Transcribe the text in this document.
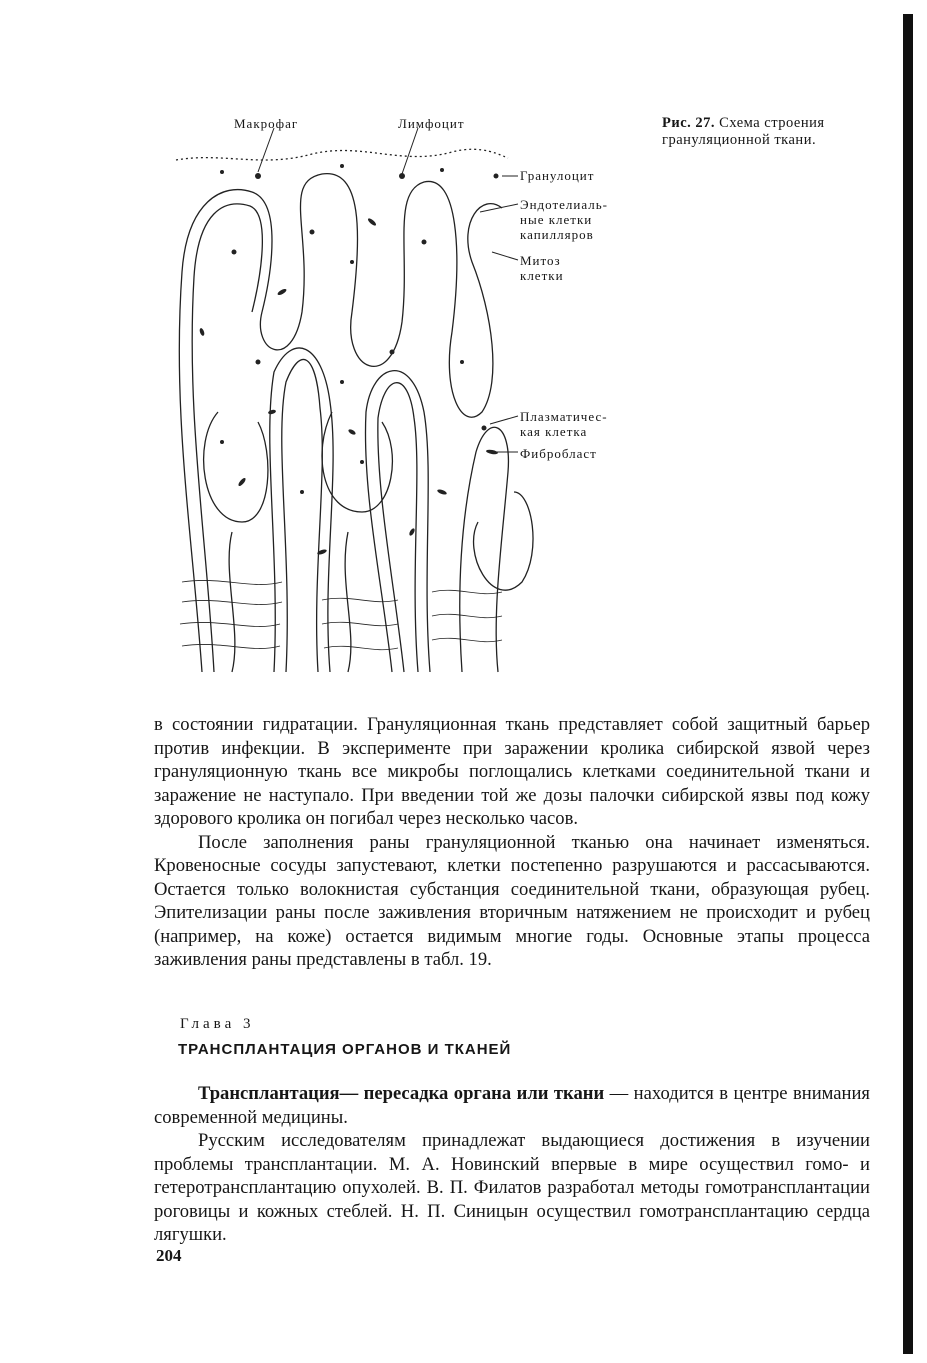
Макрофаг	Лимфоцит
Гранулоцит
Эндотелиаль-
ные клетки
капилляров
Митоз
клетки
Плазматичес-
кая клетка
Фибробласт
Рис. 27. Схема строения грануляционной ткани.

в состоянии гидратации. Грануляционная ткань представляет собой защитный барьер против инфекции. В эксперименте при заражении кролика сибирской язвой через грануляционную ткань все микробы поглощались клетками соединительной ткани и заражение не наступало. При введении той же дозы палочки сибирской язвы под кожу здорового кролика он погибал через несколько часов.

После заполнения раны грануляционной тканью она начинает изменяться. Кровеносные сосуды запустевают, клетки постепенно разрушаются и рассасываются. Остается только волокнистая субстанция соединительной ткани, образующая рубец. Эпителизации раны после заживления вторичным натяжением не происходит и рубец (например, на коже) остается видимым многие годы. Основные этапы процесса заживления раны представлены в табл. 19.

Глава 3
ТРАНСПЛАНТАЦИЯ ОРГАНОВ И ТКАНЕЙ

Трансплантация— пересадка органа или ткани — находится в центре внимания современной медицины.

Русским исследователям принадлежат выдающиеся достижения в изучении проблемы трансплантации. М. А. Новинский впервые в мире осуществил гомо- и гетеротрансплантацию опухолей. В. П. Филатов разработал методы гомотрансплантации роговицы и кожных стеблей. Н. П. Синицын осуществил гомотрансплантацию сердца лягушки.

204
